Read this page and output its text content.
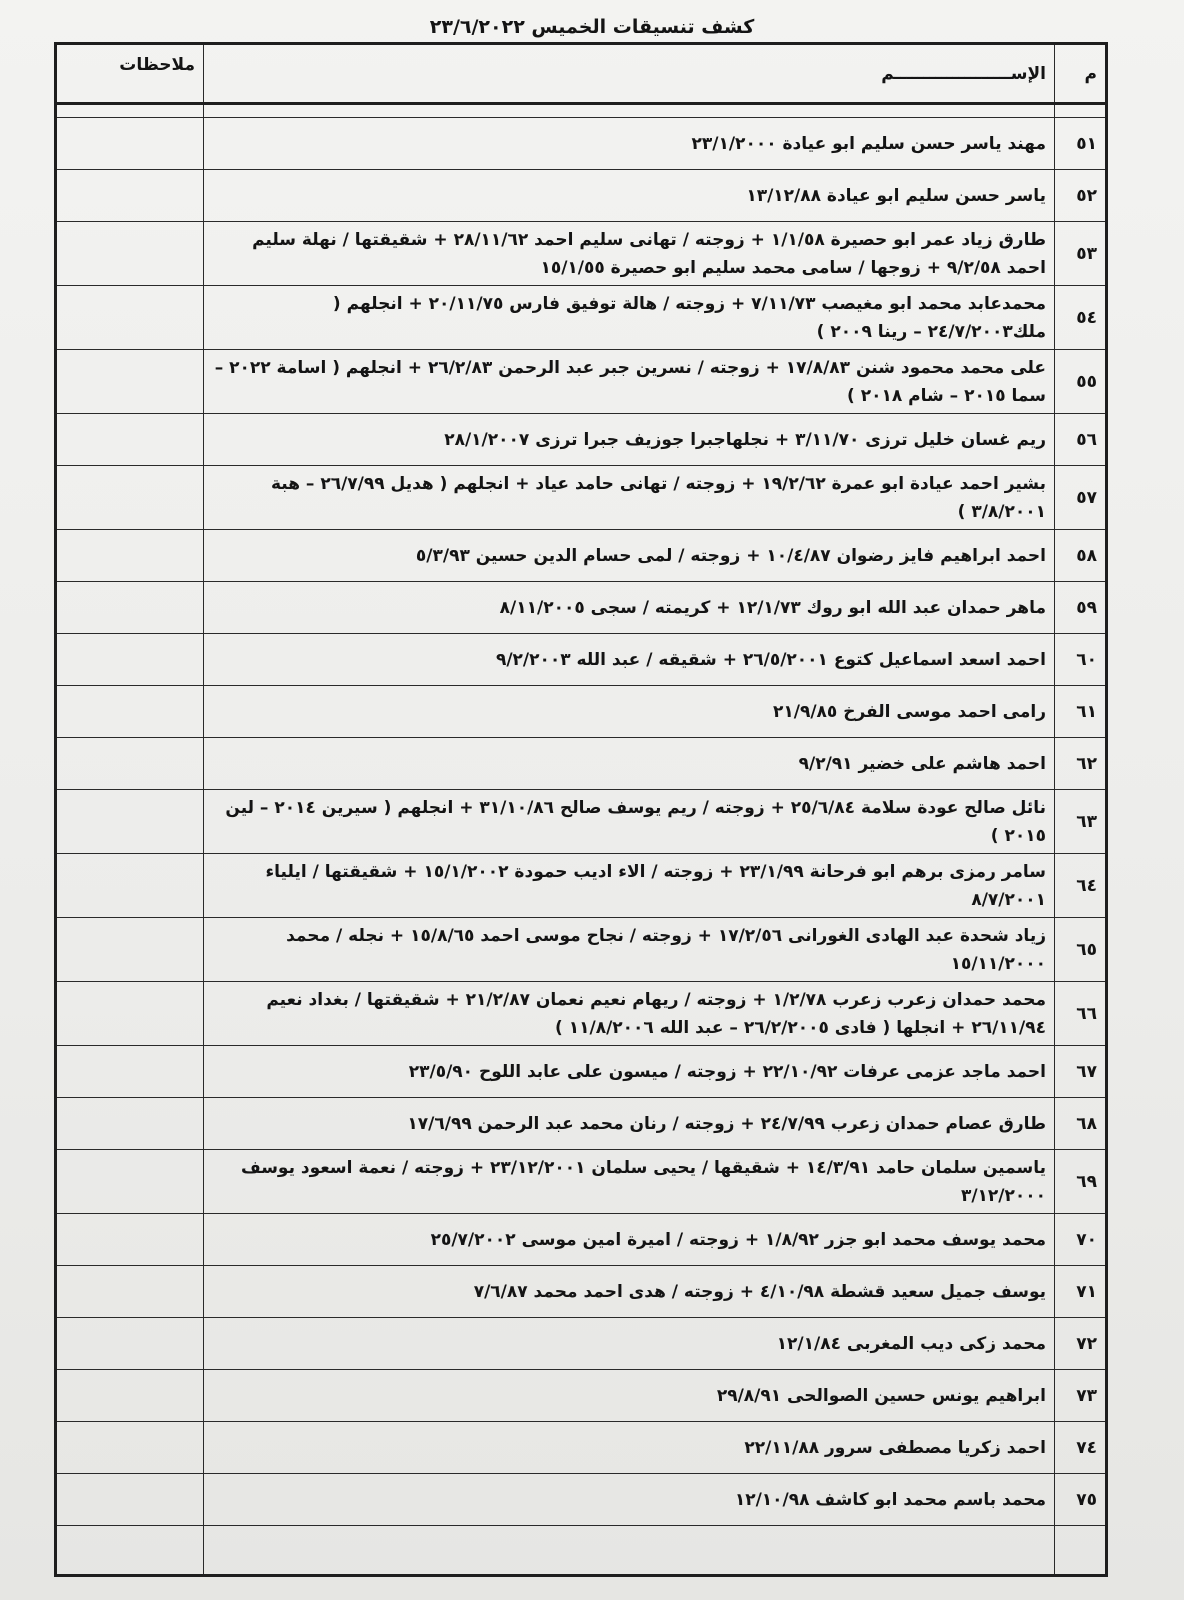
كشف تنسيقات الخميس ٢٣/٦/٢٠٢٢
م	الإســــــــــــــــــــم	ملاحظات

٥١	مهند ياسر حسن سليم ابو عيادة ٢٣/١/٢٠٠٠	
٥٢	ياسر حسن سليم ابو عيادة ١٣/١٢/٨٨	
٥٣	طارق زياد عمر ابو حصيرة ١/١/٥٨ + زوجته / تهانى سليم احمد ٢٨/١١/٦٢ + شقيقتها / نهلة سليم احمد ٩/٢/٥٨ + زوجها / سامى محمد سليم ابو حصيرة ١٥/١/٥٥	
٥٤	محمدعابد محمد ابو مغيصب ٧/١١/٧٣ + زوجته / هالة توفيق فارس ٢٠/١١/٧٥ + انجلهم ( ملك٢٤/٧/٢٠٠٣ – رينا ٢٠٠٩ )	
٥٥	على محمد محمود شنن ١٧/٨/٨٣ + زوجته / نسرين جبر عبد الرحمن ٢٦/٢/٨٣ + انجلهم ( اسامة ٢٠٢٢ – سما ٢٠١٥ – شام ٢٠١٨ )	
٥٦	ريم غسان خليل ترزى ٣/١١/٧٠ + نجلهاجبرا جوزيف جبرا ترزى ٢٨/١/٢٠٠٧	
٥٧	بشير احمد عيادة ابو عمرة ١٩/٢/٦٢ + زوجته / تهانى حامد عياد + انجلهم ( هديل ٢٦/٧/٩٩ – هبة ٣/٨/٢٠٠١ )	
٥٨	احمد ابراهيم فايز رضوان ١٠/٤/٨٧ + زوجته / لمى حسام الدين حسين ٥/٣/٩٣	
٥٩	ماهر حمدان عبد الله ابو روك ١٢/١/٧٣ + كريمته / سجى ٨/١١/٢٠٠٥	
٦٠	احمد اسعد اسماعيل كتوع ٢٦/٥/٢٠٠١ + شقيقه / عبد الله ٩/٢/٢٠٠٣	
٦١	رامى احمد موسى الفرخ ٢١/٩/٨٥	
٦٢	احمد هاشم على خضير ٩/٢/٩١	
٦٣	نائل صالح عودة سلامة ٢٥/٦/٨٤ + زوجته / ريم يوسف صالح ٣١/١٠/٨٦ + انجلهم ( سيرين ٢٠١٤ – لين ٢٠١٥ )	
٦٤	سامر رمزى برهم ابو فرحانة ٢٣/١/٩٩ + زوجته / الاء اديب حمودة ١٥/١/٢٠٠٢ + شقيقتها / ايلياء ٨/٧/٢٠٠١	
٦٥	زياد شحدة عبد الهادى الغورانى ١٧/٢/٥٦ + زوجته / نجاح موسى احمد ١٥/٨/٦٥ + نجله / محمد ١٥/١١/٢٠٠٠	
٦٦	محمد حمدان زعرب زعرب ١/٢/٧٨ + زوجته / ريهام نعيم نعمان ٢١/٢/٨٧ + شقيقتها / بغداد نعيم ٢٦/١١/٩٤ + انجلها ( فادى ٢٦/٢/٢٠٠٥ – عبد الله ١١/٨/٢٠٠٦ )	
٦٧	احمد ماجد عزمى عرفات ٢٢/١٠/٩٢ + زوجته / ميسون على عابد اللوح ٢٣/٥/٩٠	
٦٨	طارق عصام حمدان زعرب ٢٤/٧/٩٩ + زوجته / رنان محمد عبد الرحمن ١٧/٦/٩٩	
٦٩	ياسمين سلمان حامد ١٤/٣/٩١ + شقيقها / يحيى سلمان ٢٣/١٢/٢٠٠١ + زوجته / نعمة اسعود يوسف ٣/١٢/٢٠٠٠	
٧٠	محمد يوسف محمد ابو جزر ١/٨/٩٢ + زوجته / اميرة امين موسى ٢٥/٧/٢٠٠٢	
٧١	يوسف جميل سعيد قشطة ٤/١٠/٩٨ + زوجته / هدى احمد محمد ٧/٦/٨٧	
٧٢	محمد زكى ديب المغربى ١٢/١/٨٤	
٧٣	ابراهيم يونس حسين الصوالحى ٢٩/٨/٩١	
٧٤	احمد زكريا مصطفى سرور ٢٢/١١/٨٨	
٧٥	محمد باسم محمد ابو كاشف ١٢/١٠/٩٨	
